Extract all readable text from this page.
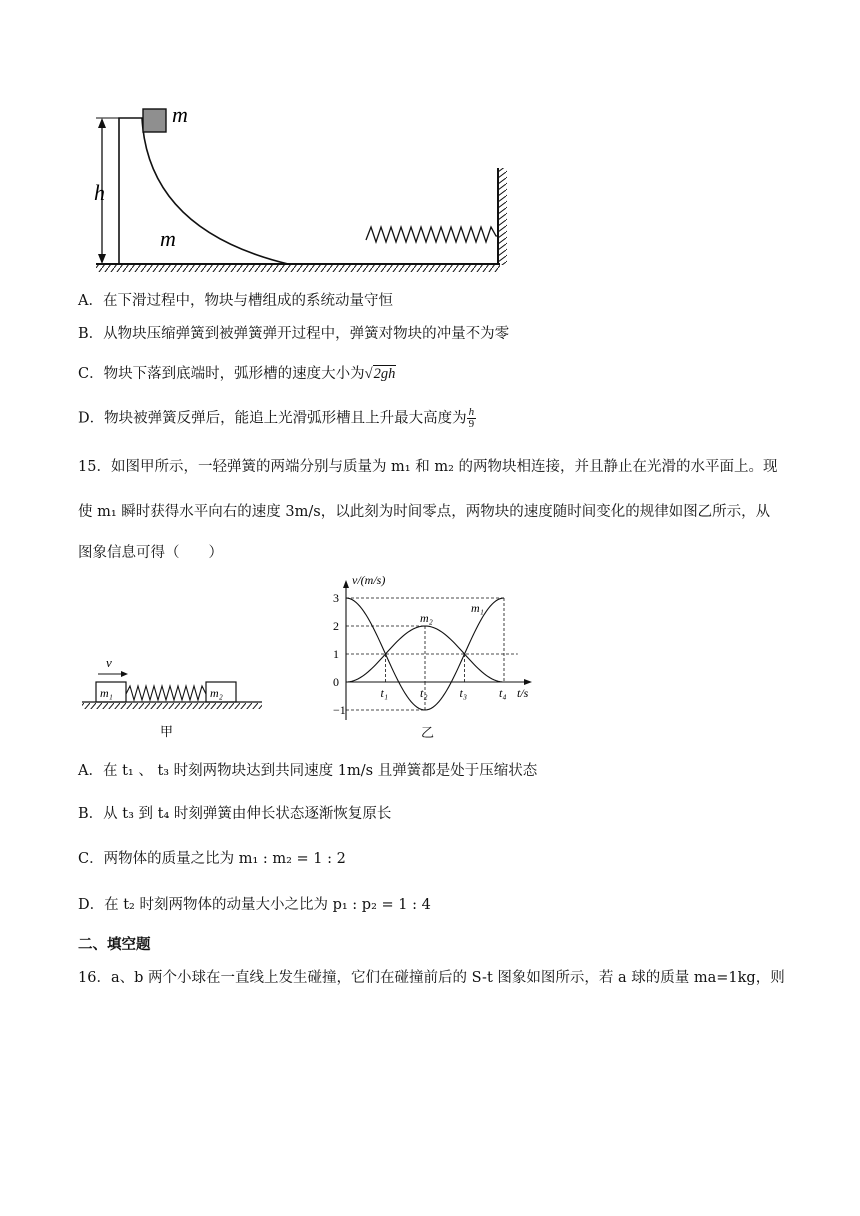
m
m
h
A．在下滑过程中，物块与槽组成的系统动量守恒
B．从物块压缩弹簧到被弹簧弹开过程中，弹簧对物块的冲量不为零
C．物块下落到底端时，弧形槽的速度大小为√2gh
D．物块被弹簧反弹后，能追上光滑弧形槽且上升最大高度为 $\frac{h}{9}$
15．如图甲所示，一轻弹簧的两端分别与质量为 m₁ 和 m₂ 的两物块相连接，并且静止在光滑的水平面上。现
使 m₁ 瞬时获得水平向右的速度 3m/s，以此刻为时间零点，两物块的速度随时间变化的规律如图乙所示，从
图象信息可得（　　）
v
m₁	m₂
甲
v/(m/s)
t/s
3
2
1
0
−1
t₁	t₂	t₃	t₄
m₁
m₂
乙
A．在 t₁ 、 t₃ 时刻两物块达到共同速度 1m/s 且弹簧都是处于压缩状态
B．从 t₃ 到 t₄ 时刻弹簧由伸长状态逐渐恢复原长
C．两物体的质量之比为 m₁ : m₂ = 1 : 2
D．在 t₂ 时刻两物体的动量大小之比为 p₁ : p₂ = 1 : 4
二、填空题
16．a、b 两个小球在一直线上发生碰撞，它们在碰撞前后的 S-t 图象如图所示，若 a 球的质量 ma=1kg，则
